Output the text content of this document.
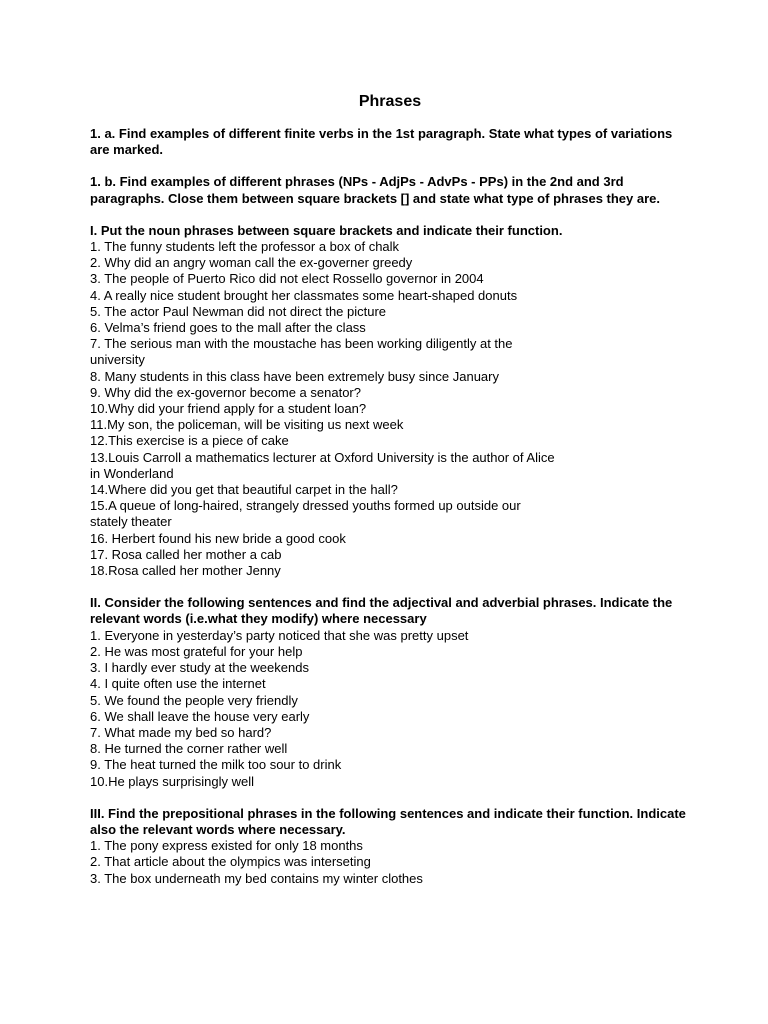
Phrases
1. a. Find examples of different finite verbs in the 1st paragraph. State what types of variations are marked.
1. b. Find examples of different phrases (NPs - AdjPs - AdvPs - PPs) in the 2nd and 3rd paragraphs. Close them between square brackets [] and state what type of phrases they are.
I. Put the noun phrases between square brackets and indicate their function.
1. The funny students left the professor a box of chalk
2. Why did an angry woman call the ex-governer greedy
3. The people of Puerto Rico did not elect Rossello governor in 2004
4. A really nice student brought her classmates some heart-shaped donuts
5. The actor Paul Newman did not direct the picture
6. Velma’s friend goes to the mall after the class
7. The serious man with the moustache has been working diligently at the university
8. Many students in this class have been extremely busy since January
9. Why did the ex-governor become a senator?
10.Why did your friend apply for a student loan?
11.My son, the policeman, will be visiting us next week
12.This exercise is a piece of cake
13.Louis Carroll a mathematics lecturer at Oxford University is the author of Alice in Wonderland
14.Where did you get that beautiful carpet in the hall?
15.A queue of long-haired, strangely dressed youths formed up outside our stately theater
16. Herbert found his new bride a good cook
17. Rosa called her mother a cab
18.Rosa called her mother Jenny
II. Consider the following sentences and find the adjectival and adverbial phrases. Indicate the relevant words (i.e.what they modify) where necessary
1. Everyone in yesterday’s party noticed that she was pretty upset
2. He was most grateful for your help
3. I hardly ever study at the weekends
4. I quite often use the internet
5. We found the people very friendly
6. We shall leave the house very early
7. What made my bed so hard?
8. He turned the corner rather well
9. The heat turned the milk too sour to drink
10.He plays surprisingly well
III. Find the prepositional phrases in the following sentences and indicate their function. Indicate also the relevant words where necessary.
1. The pony express existed for only 18 months
2. That article about the olympics was interseting
3. The box underneath my bed contains my winter clothes
